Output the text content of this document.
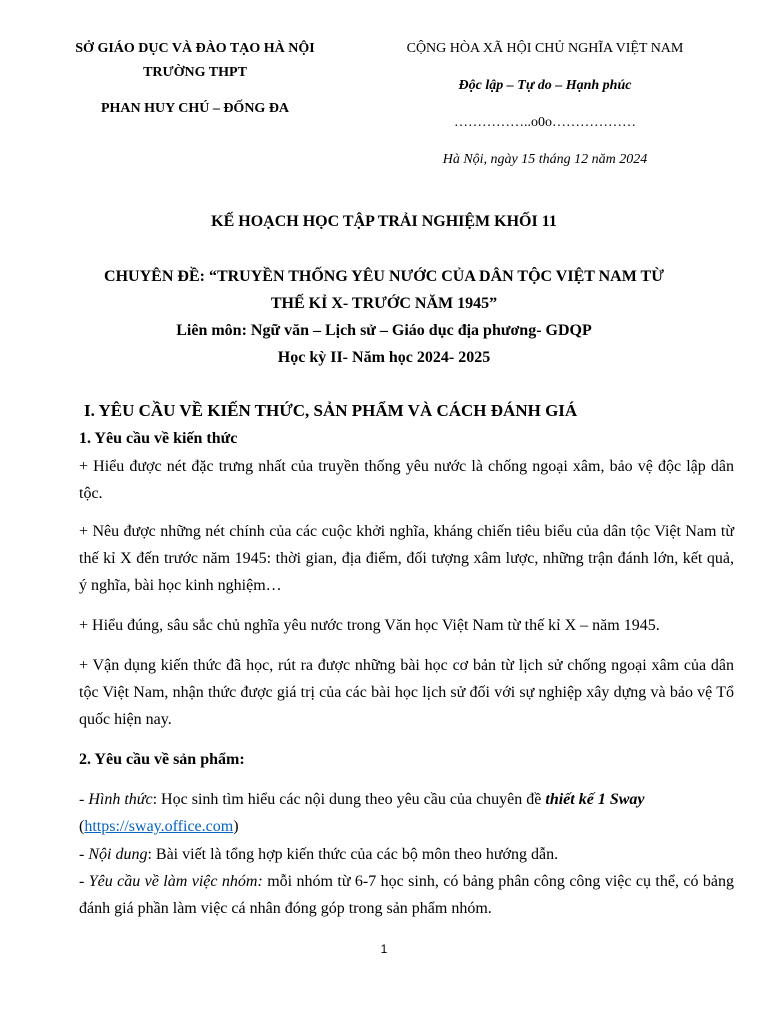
SỞ GIÁO DỤC VÀ ĐÀO TẠO HÀ NỘI
TRƯỜNG THPT
PHAN HUY CHÚ – ĐỐNG ĐA
CỘNG HÒA XÃ HỘI CHỦ NGHĨA VIỆT NAM
Độc lập – Tự do – Hạnh phúc
……………..o0o………………
Hà Nội, ngày 15 tháng 12 năm 2024
KẾ HOẠCH HỌC TẬP TRẢI NGHIỆM KHỐI 11
CHUYÊN ĐỀ: “TRUYỀN THỐNG YÊU NƯỚC CỦA DÂN TỘC VIỆT NAM TỪ
THẾ KỈ X- TRƯỚC NĂM 1945”
Liên môn: Ngữ văn – Lịch sử – Giáo dục địa phương- GDQP
Học kỳ II- Năm học 2024- 2025
I. YÊU CẦU VỀ KIẾN THỨC, SẢN PHẨM VÀ CÁCH ĐÁNH GIÁ
1. Yêu cầu về kiến thức
+ Hiểu được nét đặc trưng nhất của truyền thống yêu nước là chống ngoại xâm, bảo vệ độc lập dân tộc.
+ Nêu được những nét chính của các cuộc khởi nghĩa, kháng chiến tiêu biểu của dân tộc Việt Nam từ thế kỉ X đến trước năm 1945: thời gian, địa điểm, đối tượng xâm lược, những trận đánh lớn, kết quả, ý nghĩa, bài học kinh nghiệm…
+ Hiểu đúng, sâu sắc chủ nghĩa yêu nước trong Văn học Việt Nam từ thế kỉ X – năm 1945.
+ Vận dụng kiến thức đã học, rút ra được những bài học cơ bản từ lịch sử chống ngoại xâm của dân tộc Việt Nam, nhận thức được giá trị của các bài học lịch sử đối với sự nghiệp xây dựng và bảo vệ Tổ quốc hiện nay.
2. Yêu cầu về sản phẩm:
- Hình thức: Học sinh tìm hiểu các nội dung theo yêu cầu của chuyên đề thiết kế 1 Sway
(https://sway.office.com)
- Nội dung: Bài viết là tổng hợp kiến thức của các bộ môn theo hướng dẫn.
- Yêu cầu về làm việc nhóm: mỗi nhóm từ 6-7 học sinh, có bảng phân công công việc cụ thể, có bảng đánh giá phần làm việc cá nhân đóng góp trong sản phẩm nhóm.
1
